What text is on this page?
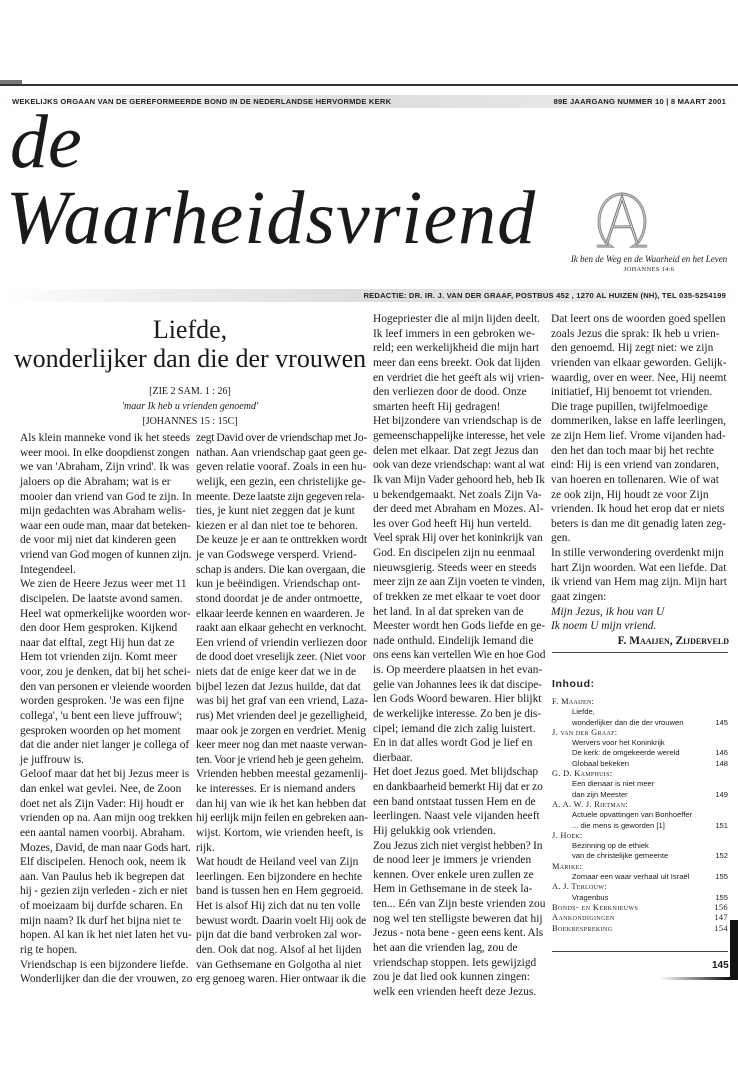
WEKELIJKS ORGAAN VAN DE GEREFORMEERDE BOND IN DE NEDERLANDSE HERVORMDE KERK	89E JAARGANG NUMMER 10 | 8 MAART 2001
de
Waarheidsvriend	Ik ben de Weg en de Waarheid en het Leven
JOHANNES 14:6
REDACTIE: DR. IR. J. VAN DER GRAAF, POSTBUS 452 , 1270 AL HUIZEN (NH), TEL 035-5254199
Liefde,
wonderlijker dan die der vrouwen
[ZIE 2 SAM. 1 : 26]
'maar Ik heb u vrienden genoemd'
[JOHANNES 15 : 15C]
Als klein manneke vond ik het steeds
weer mooi. In elke doopdienst zongen
we van 'Abraham, Zijn vrind'. Ik was
jaloers op die Abraham; wat is er
mooier dan vriend van God te zijn. In
mijn gedachten was Abraham welis-
waar een oude man, maar dat beteken-
de voor mij niet dat kinderen geen
vriend van God mogen of kunnen zijn.
Integendeel.
We zien de Heere Jezus weer met 11
discipelen. De laatste avond samen.
Heel wat opmerkelijke woorden wor-
den door Hem gesproken. Kijkend
naar dat elftal, zegt Hij hun dat ze
Hem tot vrienden zijn. Komt meer
voor, zou je denken, dat bij het schei-
den van personen er vleiende woorden
worden gesproken. 'Je was een fijne
collega', 'u bent een lieve juffrouw';
gesproken woorden op het moment
dat die ander niet langer je collega of
je juffrouw is.
Geloof maar dat het bij Jezus meer is
dan enkel wat gevlei. Nee, de Zoon
doet net als Zijn Vader: Hij houdt er
vrienden op na. Aan mijn oog trekken
een aantal namen voorbij. Abraham.
Mozes, David, de man naar Gods hart.
Elf discipelen. Henoch ook, neem ik
aan. Van Paulus heb ik begrepen dat
hij - gezien zijn verleden - zich er niet
of moeizaam bij durfde scharen. En
mijn naam? Ik durf het bijna niet te
hopen. Al kan ik het niet laten het vu-
rig te hopen.
Vriendschap is een bijzondere liefde.
Wonderlijker dan die der vrouwen, zo
zegt David over de vriendschap met Jo-
nathan. Aan vriendschap gaat geen ge-
geven relatie vooraf. Zoals in een hu-
welijk, een gezin, een christelijke ge-
meente. Deze laatste zijn gegeven rela-
ties, je kunt niet zeggen dat je kunt
kiezen er al dan niet toe te behoren.
De keuze je er aan te onttrekken wordt
je van Godswege versperd. Vriend-
schap is anders. Die kan overgaan, die
kun je beëindigen. Vriendschap ont-
stond doordat je de ander ontmoette,
elkaar leerde kennen en waarderen. Je
raakt aan elkaar gehecht en verknocht.
Een vriend of vriendin verliezen door
de dood doet vreselijk zeer. (Niet voor
niets dat de enige keer dat we in de
bijbel lezen dat Jezus huilde, dat dat
was bij het graf van een vriend, Laza-
rus) Met vrienden deel je gezelligheid,
maar ook je zorgen en verdriet. Menig
keer meer nog dan met naaste verwan-
ten. Voor je vriend heb je geen geheim.
Vrienden hebben meestal gezamenlij-
ke interesses. Er is niemand anders
dan hij van wie ik het kan hebben dat
hij eerlijk mijn feilen en gebreken aan-
wijst. Kortom, wie vrienden heeft, is
rijk.
Wat houdt de Heiland veel van Zijn
leerlingen. Een bijzondere en hechte
band is tussen hen en Hem gegroeid.
Het is alsof Hij zich dat nu ten volle
bewust wordt. Daarin voelt Hij ook de
pijn dat die band verbroken zal wor-
den. Ook dat nog. Alsof al het lijden
van Gethsemane en Golgotha al niet
erg genoeg waren. Hier ontwaar ik die
Hogepriester die al mijn lijden deelt.
Ik leef immers in een gebroken we-
reld; een werkelijkheid die mijn hart
meer dan eens breekt. Ook dat lijden
en verdriet die het geeft als wij vrien-
den verliezen door de dood. Onze
smarten heeft Hij gedragen!
Het bijzondere van vriendschap is de
gemeenschappelijke interesse, het vele
delen met elkaar. Dat zegt Jezus dan
ook van deze vriendschap: want al wat
Ik van Mijn Vader gehoord heb, heb Ik
u bekendgemaakt. Net zoals Zijn Va-
der deed met Abraham en Mozes. Al-
les over God heeft Hij hun verteld.
Veel sprak Hij over het koninkrijk van
God. En discipelen zijn nu eenmaal
nieuwsgierig. Steeds weer en steeds
meer zijn ze aan Zijn voeten te vinden,
of trekken ze met elkaar te voet door
het land. In al dat spreken van de
Meester wordt hen Gods liefde en ge-
nade onthuld. Eindelijk Iemand die
ons eens kan vertellen Wie en hoe God
is. Op meerdere plaatsen in het evan-
gelie van Johannes lees ik dat discipe-
len Gods Woord bewaren. Hier blijkt
de werkelijke interesse. Zo ben je dis-
cipel; iemand die zich zalig luistert.
En in dat alles wordt God je lief en
dierbaar.
Het doet Jezus goed. Met blijdschap
en dankbaarheid bemerkt Hij dat er zo
een band ontstaat tussen Hem en de
leerlingen. Naast vele vijanden heeft
Hij gelukkig ook vrienden.
Zou Jezus zich niet vergist hebben? In
de nood leer je immers je vrienden
kennen. Over enkele uren zullen ze
Hem in Gethsemane in de steek la-
ten... Eén van Zijn beste vrienden zou
nog wel ten stelligste beweren dat hij
Jezus - nota bene - geen eens kent. Als
het aan die vrienden lag, zou de
vriendschap stoppen. Iets gewijzigd
zou je dat lied ook kunnen zingen:
welk een vrienden heeft deze Jezus.
Dat leert ons de woorden goed spellen
zoals Jezus die sprak: Ik heb u vrien-
den genoemd. Hij zegt niet: we zijn
vrienden van elkaar geworden. Gelijk-
waardig, over en weer. Nee, Hij neemt
initiatief, Hij benoemt tot vrienden.
Die trage pupillen, twijfelmoedige
dommeriken, lakse en laffe leerlingen,
ze zijn Hem lief. Vrome vijanden had-
den het dan toch maar bij het rechte
eind: Hij is een vriend van zondaren,
van hoeren en tollenaren. Wie of wat
ze ook zijn, Hij houdt ze voor Zijn
vrienden. Ik houd het erop dat er niets
beters is dan me dit genadig laten zeg-
gen.
In stille verwondering overdenkt mijn
hart Zijn woorden. Wat een liefde. Dat
ik vriend van Hem mag zijn. Mijn hart
gaat zingen:
Mijn Jezus, ik hou van U
Ik noem U mijn vriend.
F. Maaijen, Zijderveld
Inhoud:
F. Maaijen:
Liefde,
wonderlijker dan die der vrouwen	145
J. van der Graaf:
Wervers voor het Koninkrijk
De kerk: de omgekeerde wereld	146
Globaal bekeken	148
G. D. Kamphuis:
Een dienaar is niet meer
dan zijn Meester	149
A. A. W. J. Rietman:
Actuele opvattingen van Bonhoeffer
... die mens is geworden [1]	151
J. Hoek:
Bezinning op de ethiek
van de christelijke gemeente	152
Marike:
Zomaar een waar verhaal uit Israël	155
A. J. Terlouw:
Vragenbus	155
Bonds- en Kerknieuws	156
Aankondigingen	147
Boekbespreking	154
145
